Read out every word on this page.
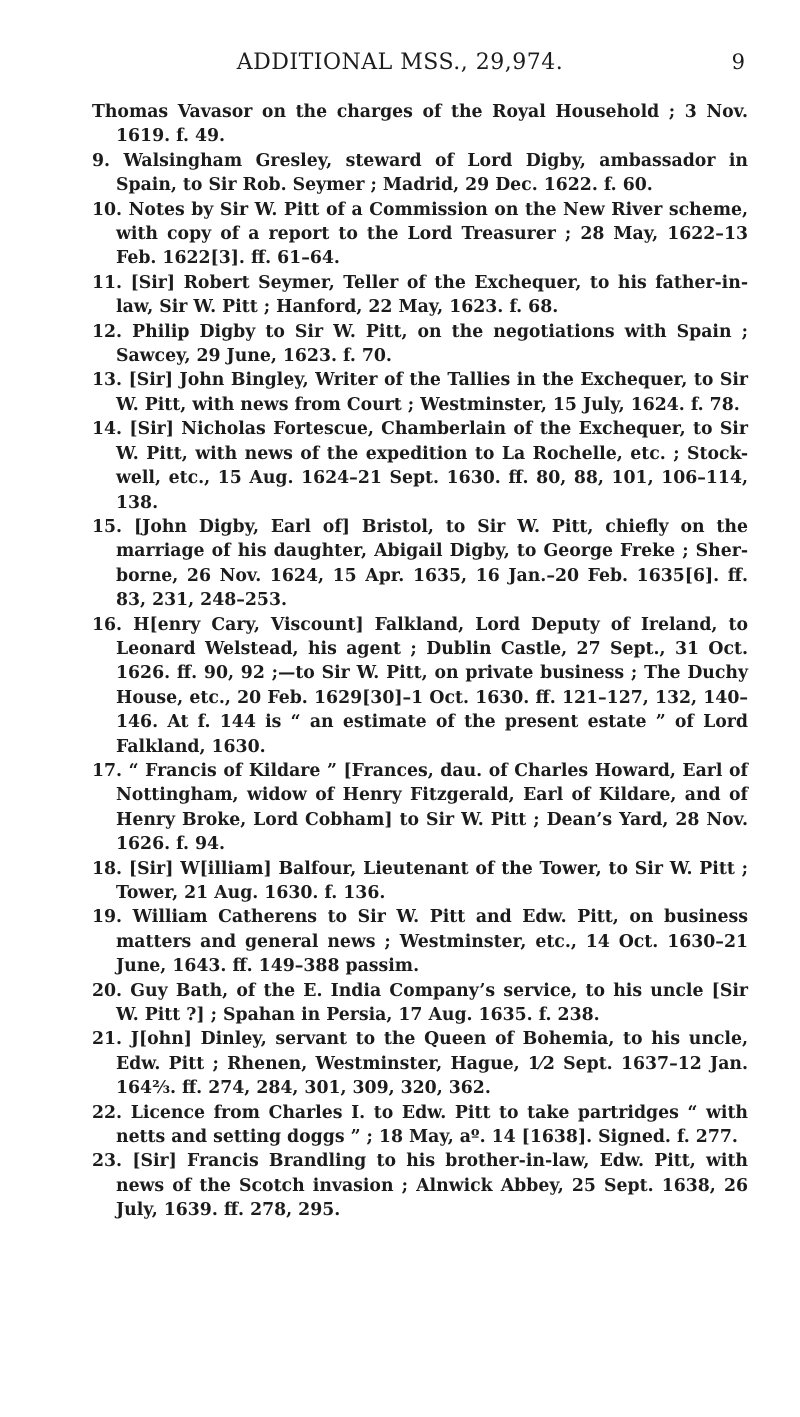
ADDITIONAL MSS., 29,974.	9

Thomas Vavasor on the charges of the Royal Household ; 3 Nov. 1619. f. 49.

9. Walsingham Gresley, steward of Lord Digby, ambassador in Spain, to Sir Rob. Seymer ; Madrid, 29 Dec. 1622. f. 60.

10. Notes by Sir W. Pitt of a Commission on the New River scheme, with copy of a report to the Lord Treasurer ; 28 May, 1622–13 Feb. 1622[3]. ff. 61–64.

11. [Sir] Robert Seymer, Teller of the Exchequer, to his father-in-law, Sir W. Pitt ; Hanford, 22 May, 1623. f. 68.

12. Philip Digby to Sir W. Pitt, on the negotiations with Spain ; Sawcey, 29 June, 1623. f. 70.

13. [Sir] John Bingley, Writer of the Tallies in the Exchequer, to Sir W. Pitt, with news from Court ; Westminster, 15 July, 1624. f. 78.

14. [Sir] Nicholas Fortescue, Chamberlain of the Exchequer, to Sir W. Pitt, with news of the expedition to La Rochelle, etc. ; Stock-well, etc., 15 Aug. 1624–21 Sept. 1630. ff. 80, 88, 101, 106–114, 138.

15. [John Digby, Earl of] Bristol, to Sir W. Pitt, chiefly on the marriage of his daughter, Abigail Digby, to George Freke ; Sher-borne, 26 Nov. 1624, 15 Apr. 1635, 16 Jan.–20 Feb. 1635[6]. ff. 83, 231, 248–253.

16. H[enry Cary, Viscount] Falkland, Lord Deputy of Ireland, to Leonard Welstead, his agent ; Dublin Castle, 27 Sept., 31 Oct. 1626. ff. 90, 92 ;—to Sir W. Pitt, on private business ; The Duchy House, etc., 20 Feb. 1629[30]–1 Oct. 1630. ff. 121–127, 132, 140–146. At f. 144 is “ an estimate of the present estate ” of Lord Falkland, 1630.

17. “ Francis of Kildare ” [Frances, dau. of Charles Howard, Earl of Nottingham, widow of Henry Fitzgerald, Earl of Kildare, and of Henry Broke, Lord Cobham] to Sir W. Pitt ; Dean’s Yard, 28 Nov. 1626. f. 94.

18. [Sir] W[illiam] Balfour, Lieutenant of the Tower, to Sir W. Pitt ; Tower, 21 Aug. 1630. f. 136.

19. William Catherens to Sir W. Pitt and Edw. Pitt, on business matters and general news ; Westminster, etc., 14 Oct. 1630–21 June, 1643. ff. 149–388 passim.

20. Guy Bath, of the E. India Company’s service, to his uncle [Sir W. Pitt ?] ; Spahan in Persia, 17 Aug. 1635. f. 238.

21. J[ohn] Dinley, servant to the Queen of Bohemia, to his uncle, Edw. Pitt ; Rhenen, Westminster, Hague, 1⁄2 Sept. 1637–12 Jan. 164⅔. ff. 274, 284, 301, 309, 320, 362.

22. Licence from Charles I. to Edw. Pitt to take partridges “ with netts and setting doggs ” ; 18 May, aº. 14 [1638]. Signed. f. 277.

23. [Sir] Francis Brandling to his brother-in-law, Edw. Pitt, with news of the Scotch invasion ; Alnwick Abbey, 25 Sept. 1638, 26 July, 1639. ff. 278, 295.
